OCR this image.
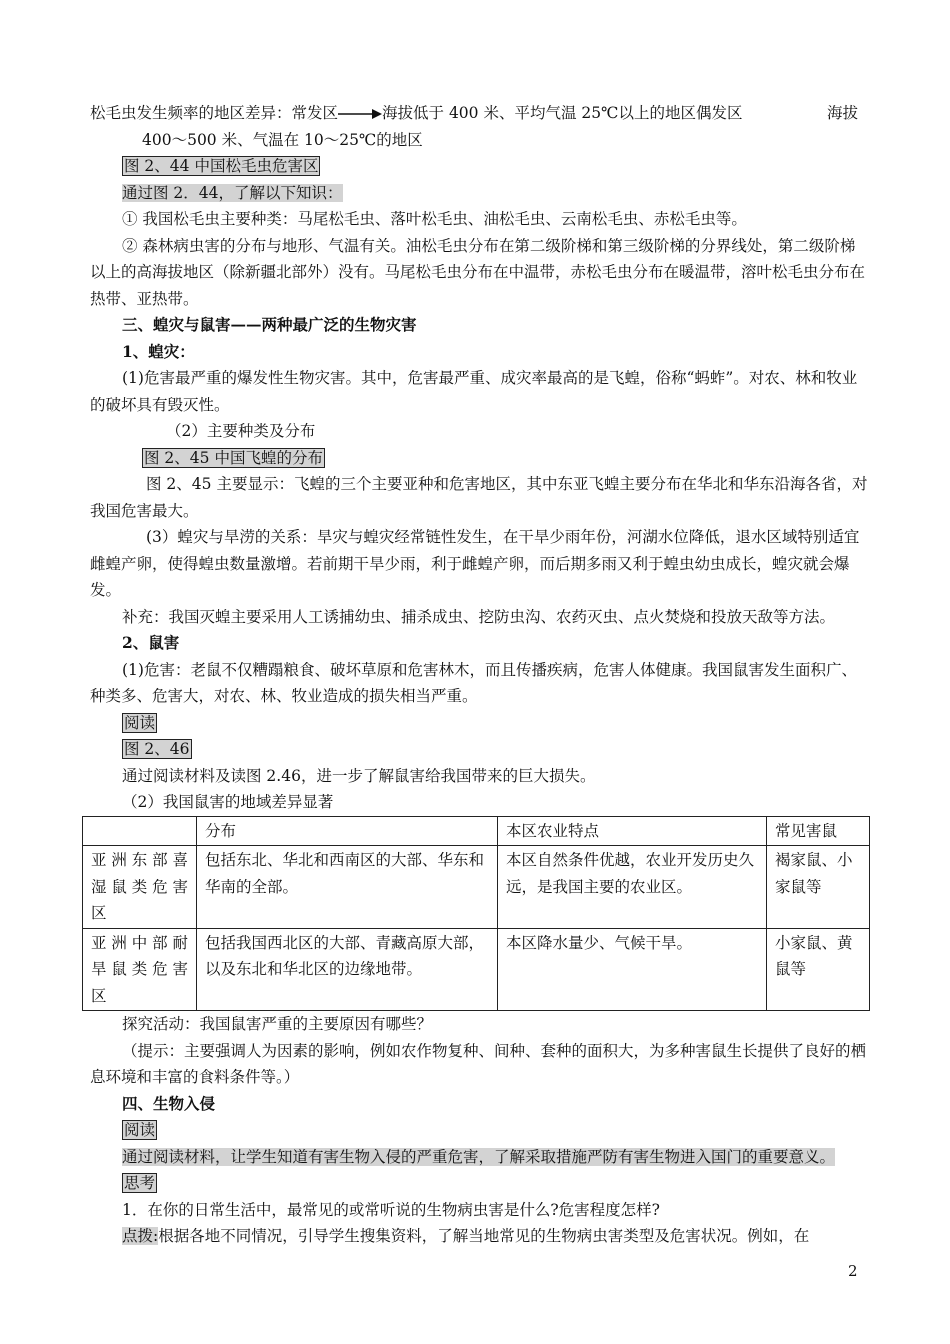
松毛虫发生频率的地区差异：常发区	海拔低于 400 米、平均气温 25℃以上的地区偶发区	海拔

400～500 米、气温在 10～25℃的地区

图 2、44 中国松毛虫危害区

通过图 2．44，了解以下知识：

① 我国松毛虫主要种类：马尾松毛虫、落叶松毛虫、油松毛虫、云南松毛虫、赤松毛虫等。

② 森林病虫害的分布与地形、气温有关。油松毛虫分布在第二级阶梯和第三级阶梯的分界线处，第二级阶梯以上的高海拔地区（除新疆北部外）没有。马尾松毛虫分布在中温带，赤松毛虫分布在暖温带，溶叶松毛虫分布在热带、亚热带。

三、蝗灾与鼠害——两种最广泛的生物灾害

1、蝗灾：

(1)危害最严重的爆发性生物灾害。其中，危害最严重、成灾率最高的是飞蝗，俗称“蚂蚱”。对农、林和牧业的破坏具有毁灭性。

（2）主要种类及分布

图 2、45 中国飞蝗的分布

图 2、45 主要显示：飞蝗的三个主要亚种和危害地区，其中东亚飞蝗主要分布在华北和华东沿海各省，对我国危害最大。

(3）蝗灾与旱涝的关系：旱灾与蝗灾经常链性发生，在干旱少雨年份，河湖水位降低，退水区域特别适宜雌蝗产卵，使得蝗虫数量激增。若前期干旱少雨，利于雌蝗产卵，而后期多雨又利于蝗虫幼虫成长，蝗灾就会爆发。

补充：我国灭蝗主要采用人工诱捕幼虫、捕杀成虫、挖防虫沟、农药灭虫、点火焚烧和投放天敌等方法。

2、鼠害

(1)危害：老鼠不仅糟蹋粮食、破坏草原和危害林木，而且传播疾病，危害人体健康。我国鼠害发生面积广、种类多、危害大，对农、林、牧业造成的损失相当严重。

阅读

图 2、46

通过阅读材料及读图 2.46，进一步了解鼠害给我国带来的巨大损失。

（2）我国鼠害的地域差异显著

	分布	本区农业特点	常见害鼠

亚洲东部喜
湿鼠类危害
区	包括东北、华北和西南区的大部、华东和华南的全部。	本区自然条件优越，农业开发历史久远，是我国主要的农业区。	褐家鼠、小家鼠等

亚洲中部耐
旱鼠类危害
区	包括我国西北区的大部、青藏高原大部，以及东北和华北区的边缘地带。	本区降水量少、气候干旱。	小家鼠、黄鼠等

探究活动：我国鼠害严重的主要原因有哪些？

（提示：主要强调人为因素的影响，例如农作物复种、间种、套种的面积大，为多种害鼠生长提供了良好的栖息环境和丰富的食料条件等。）

四、生物入侵

阅读

通过阅读材料，让学生知道有害生物入侵的严重危害，了解采取措施严防有害生物进入国门的重要意义。

思考

1．在你的日常生活中，最常见的或常听说的生物病虫害是什么?危害程度怎样?

点拨:根据各地不同情况，引导学生搜集资料，了解当地常见的生物病虫害类型及危害状况。例如，在

2
